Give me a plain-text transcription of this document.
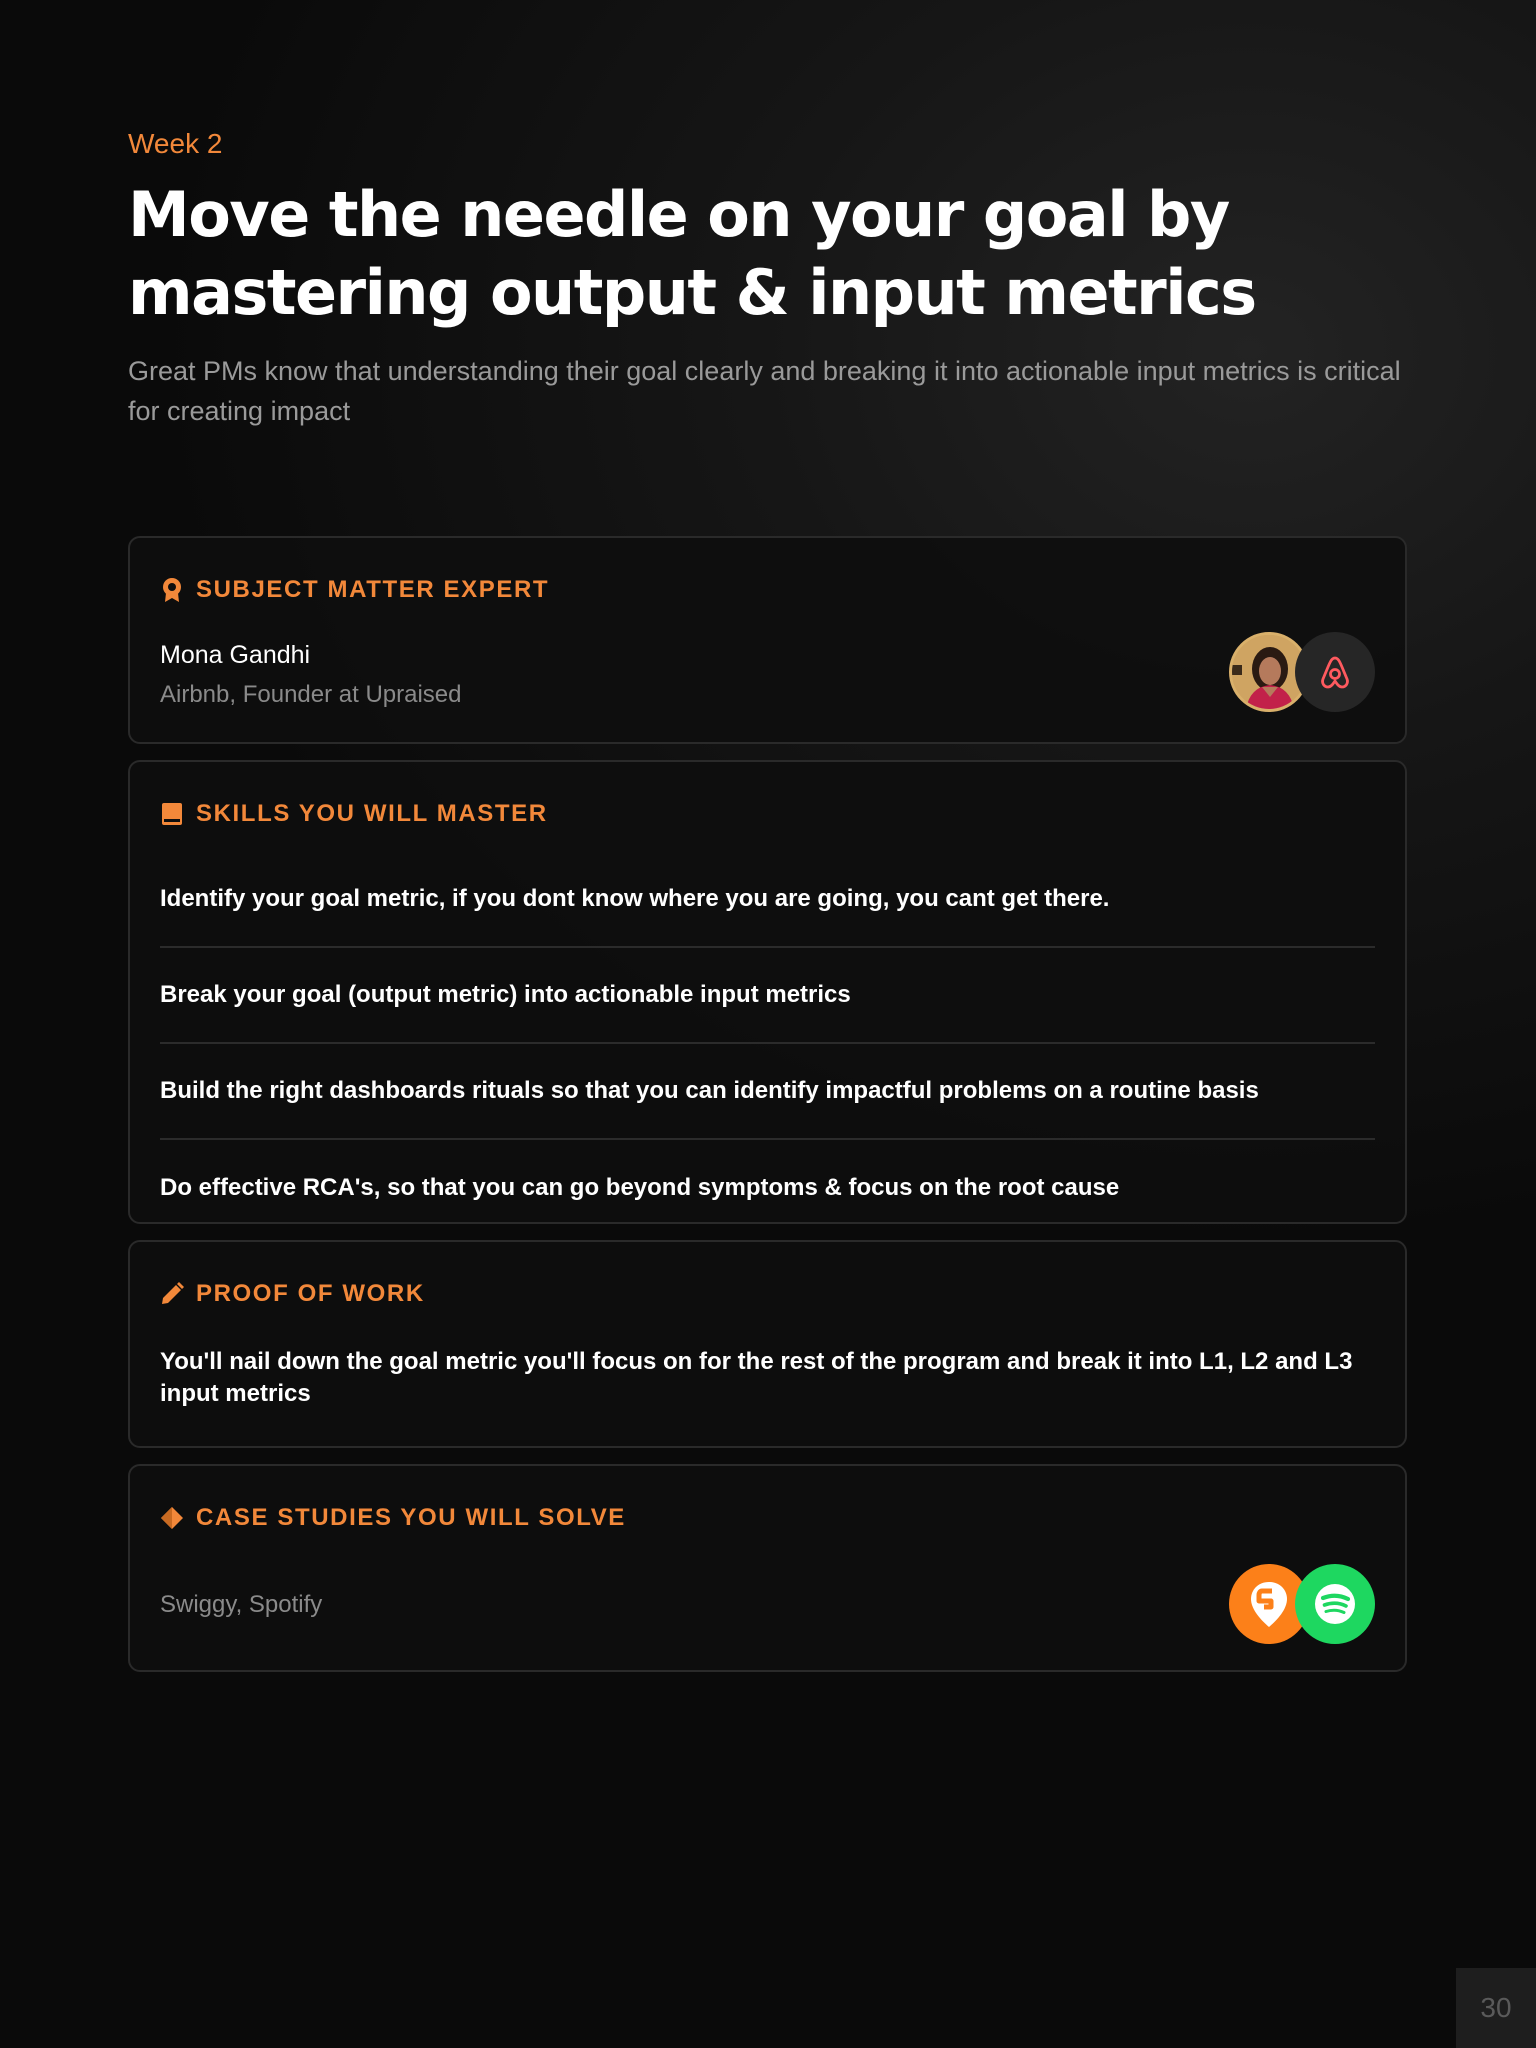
Week 2
Move the needle on your goal by mastering output & input metrics

Great PMs know that understanding their goal clearly and breaking it into actionable input metrics is critical for creating impact

SUBJECT MATTER EXPERT
Mona Gandhi
Airbnb, Founder at Upraised
SKILLS YOU WILL MASTER
Identify your goal metric, if you dont know where you are going, you cant get there.
Break your goal (output metric) into actionable input metrics
Build the right dashboards rituals so that you can identify impactful problems on a routine basis
Do effective RCA's, so that you can go beyond symptoms & focus on the root cause
PROOF OF WORK

You'll nail down the goal metric you'll focus on for the rest of the program and break it into L1, L2 and L3 input metrics

CASE STUDIES YOU WILL SOLVE
Swiggy, Spotify
30
